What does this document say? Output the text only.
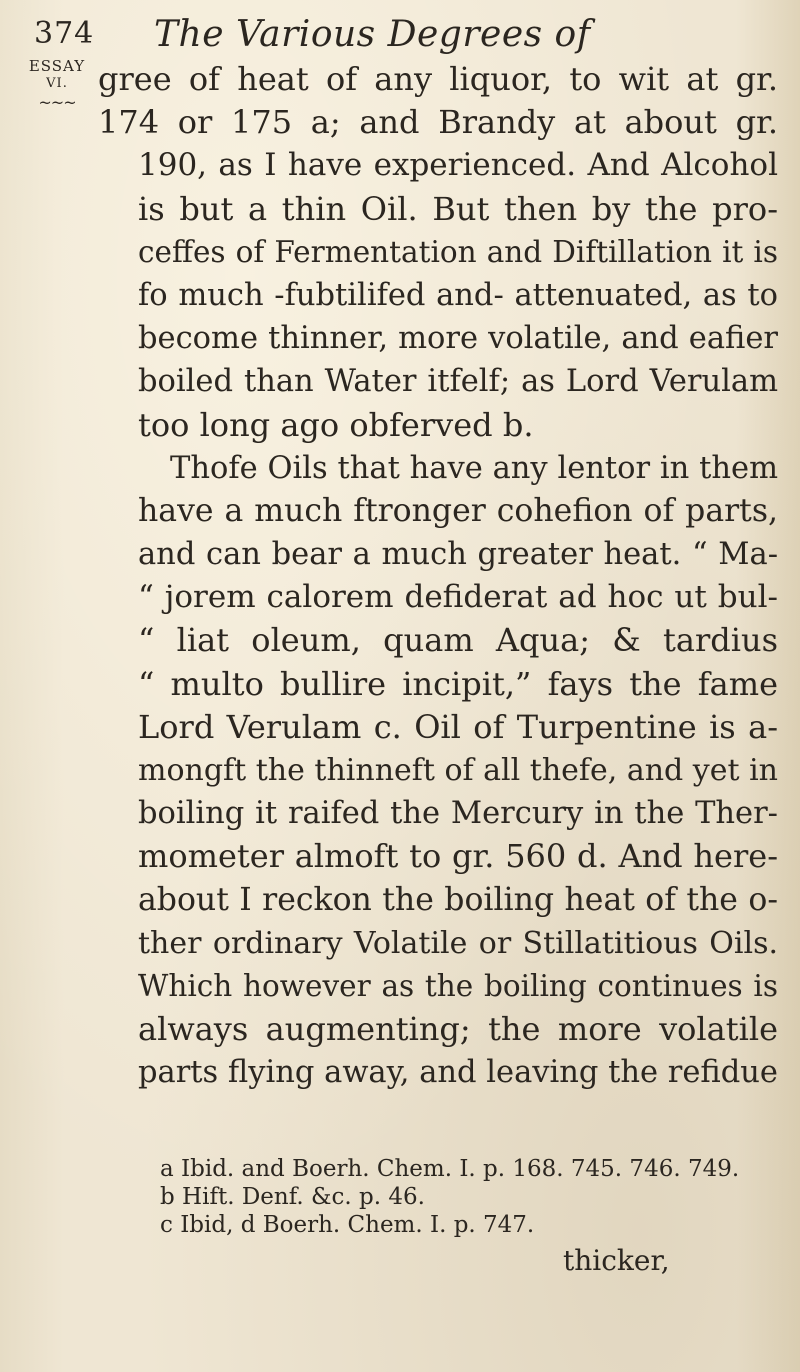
374 The Various Degrees of
ESSAY
VI.
~~~
gree of heat of any liquor, to wit at gr.
174 or 175 a; and Brandy at about gr.
190, as I have experienced. And Alcohol
is but a thin Oil. But then by the pro-
ceffes of Fermentation and Diftillation it is
fo much -fubtilifed and- attenuated, as to
become thinner, more volatile, and eafier
boiled than Water itfelf; as Lord Verulam
too long ago obferved b.
Thofe Oils that have any lentor in them
have a much ftronger cohefion of parts,
and can bear a much greater heat. “ Ma-
“ jorem calorem defiderat ad hoc ut bul-
“ liat oleum, quam Aqua; & tardius
“ multo bullire incipit,” fays the fame
Lord Verulam c. Oil of Turpentine is a-
mongft the thinneft of all thefe, and yet in
boiling it raifed the Mercury in the Ther-
mometer almoft to gr. 560 d. And here-
about I reckon the boiling heat of the o-
ther ordinary Volatile or Stillatitious Oils.
Which however as the boiling continues is
always augmenting; the more volatile
parts flying away, and leaving the refidue
a Ibid. and Boerh. Chem. I. p. 168. 745. 746. 749.
b Hift. Denf. &c. p. 46.
c Ibid, d Boerh. Chem. I. p. 747.
thicker,
